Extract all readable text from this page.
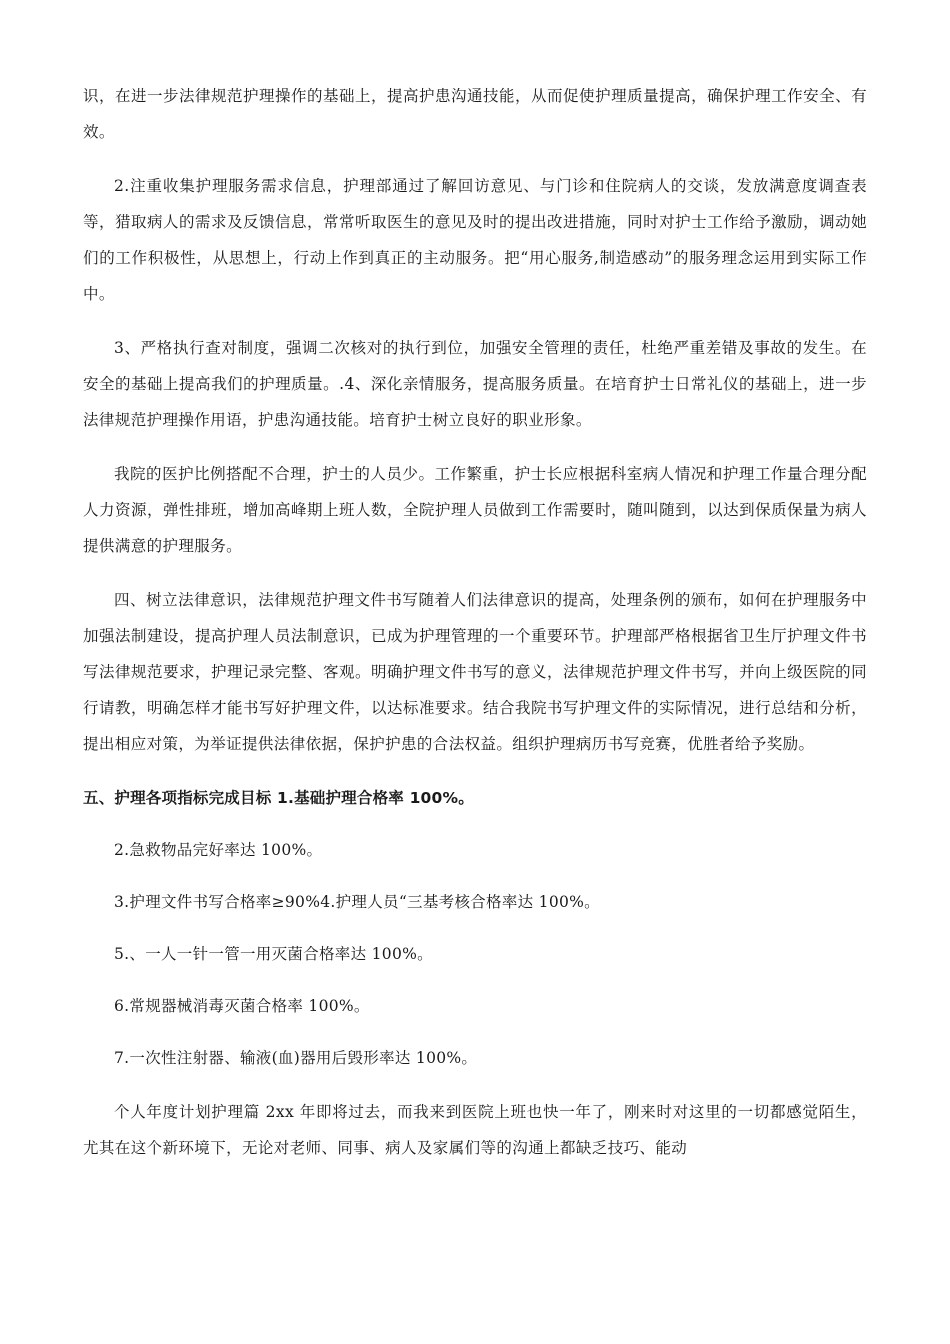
识，在进一步法律规范护理操作的基础上，提高护患沟通技能，从而促使护理质量提高，确保护理工作安全、有效。

2.注重收集护理服务需求信息，护理部通过了解回访意见、与门诊和住院病人的交谈，发放满意度调查表等，猎取病人的需求及反馈信息，常常听取医生的意见及时的提出改进措施，同时对护士工作给予激励，调动她们的工作积极性，从思想上，行动上作到真正的主动服务。把“用心服务,制造感动”的服务理念运用到实际工作中。

3、严格执行查对制度，强调二次核对的执行到位，加强安全管理的责任，杜绝严重差错及事故的发生。在安全的基础上提高我们的护理质量。.4、深化亲情服务，提高服务质量。在培育护士日常礼仪的基础上，进一步法律规范护理操作用语，护患沟通技能。培育护士树立良好的职业形象。

我院的医护比例搭配不合理，护士的人员少。工作繁重，护士长应根据科室病人情况和护理工作量合理分配人力资源，弹性排班，增加高峰期上班人数，全院护理人员做到工作需要时，随叫随到，以达到保质保量为病人提供满意的护理服务。

四、树立法律意识，法律规范护理文件书写随着人们法律意识的提高，处理条例的颁布，如何在护理服务中加强法制建设，提高护理人员法制意识，已成为护理管理的一个重要环节。护理部严格根据省卫生厅护理文件书写法律规范要求，护理记录完整、客观。明确护理文件书写的意义，法律规范护理文件书写，并向上级医院的同行请教，明确怎样才能书写好护理文件，以达标准要求。结合我院书写护理文件的实际情况，进行总结和分析，提出相应对策，为举证提供法律依据，保护护患的合法权益。组织护理病历书写竞赛，优胜者给予奖励。

五、护理各项指标完成目标 1.基础护理合格率 100%。

2.急救物品完好率达 100%。

3.护理文件书写合格率≥90%4.护理人员“三基考核合格率达 100%。

5.、一人一针一管一用灭菌合格率达 100%。

6.常规器械消毒灭菌合格率 100%。

7.一次性注射器、输液(血)器用后毁形率达 100%。

个人年度计划护理篇 2xx 年即将过去，而我来到医院上班也快一年了，刚来时对这里的一切都感觉陌生，尤其在这个新环境下，无论对老师、同事、病人及家属们等的沟通上都缺乏技巧、能动
